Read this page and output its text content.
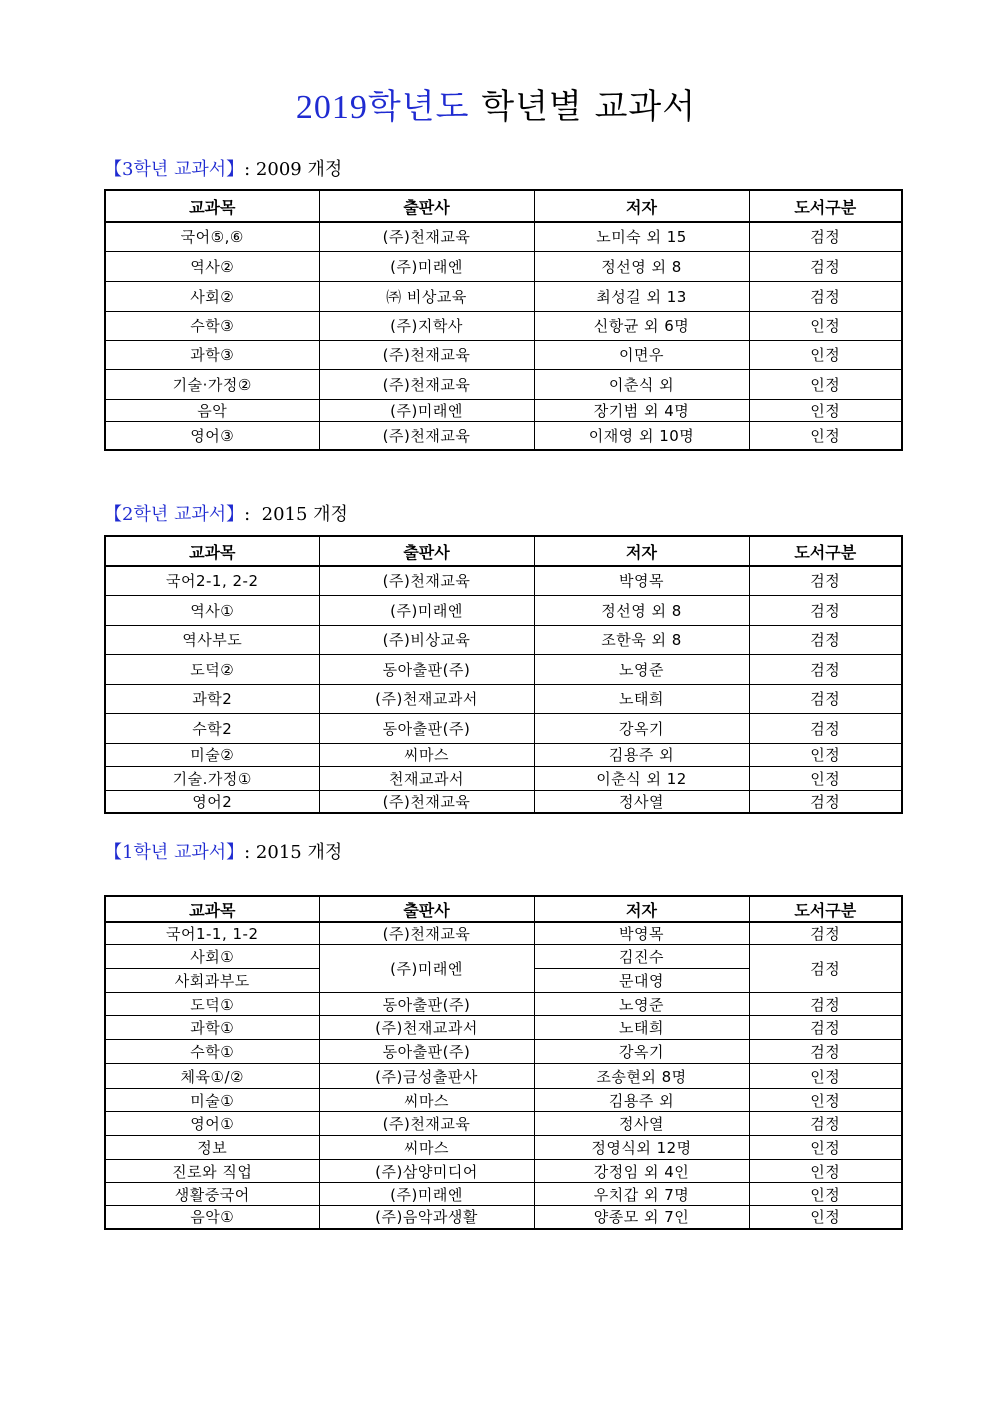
2019학년도 학년별 교과서
【3학년 교과서】: 2009 개정
교과목	출판사	저자	도서구분
국어⑤,⑥	(주)천재교육	노미숙 외 15	검정
역사②	(주)미래엔	정선영 외 8	검정
사회②	㈜ 비상교육	최성길 외 13	검정
수학③	(주)지학사	신항균 외 6명	인정
과학③	(주)천재교육	이면우	인정
기술·가정②	(주)천재교육	이춘식 외	인정
음악	(주)미래엔	장기범 외 4명	인정
영어③	(주)천재교육	이재영 외 10명	인정
【2학년 교과서】:  2015 개정
교과목	출판사	저자	도서구분
국어2-1, 2-2	(주)천재교육	박영목	검정
역사①	(주)미래엔	정선영 외 8	검정
역사부도	(주)비상교육	조한욱 외 8	검정
도덕②	동아출판(주)	노영준	검정
과학2	(주)천재교과서	노태희	검정
수학2	동아출판(주)	강옥기	검정
미술②	씨마스	김용주 외	인정
기술.가정①	천재교과서	이춘식 외 12	인정
영어2	(주)천재교육	정사열	검정
【1학년 교과서】: 2015 개정
교과목	출판사	저자	도서구분
국어1-1, 1-2	(주)천재교육	박영목	검정
사회①	(주)미래엔	김진수	검정
사회과부도		문대영	
도덕①	동아출판(주)	노영준	검정
과학①	(주)천재교과서	노태희	검정
수학①	동아출판(주)	강옥기	검정
체육①/②	(주)금성출판사	조송현외 8명	인정
미술①	씨마스	김용주 외	인정
영어①	(주)천재교육	정사열	검정
정보	씨마스	정영식외 12명	인정
진로와 직업	(주)삼양미디어	강정임 외 4인	인정
생활중국어	(주)미래엔	우치갑 외 7명	인정
음악①	(주)음악과생활	양종모 외 7인	인정
